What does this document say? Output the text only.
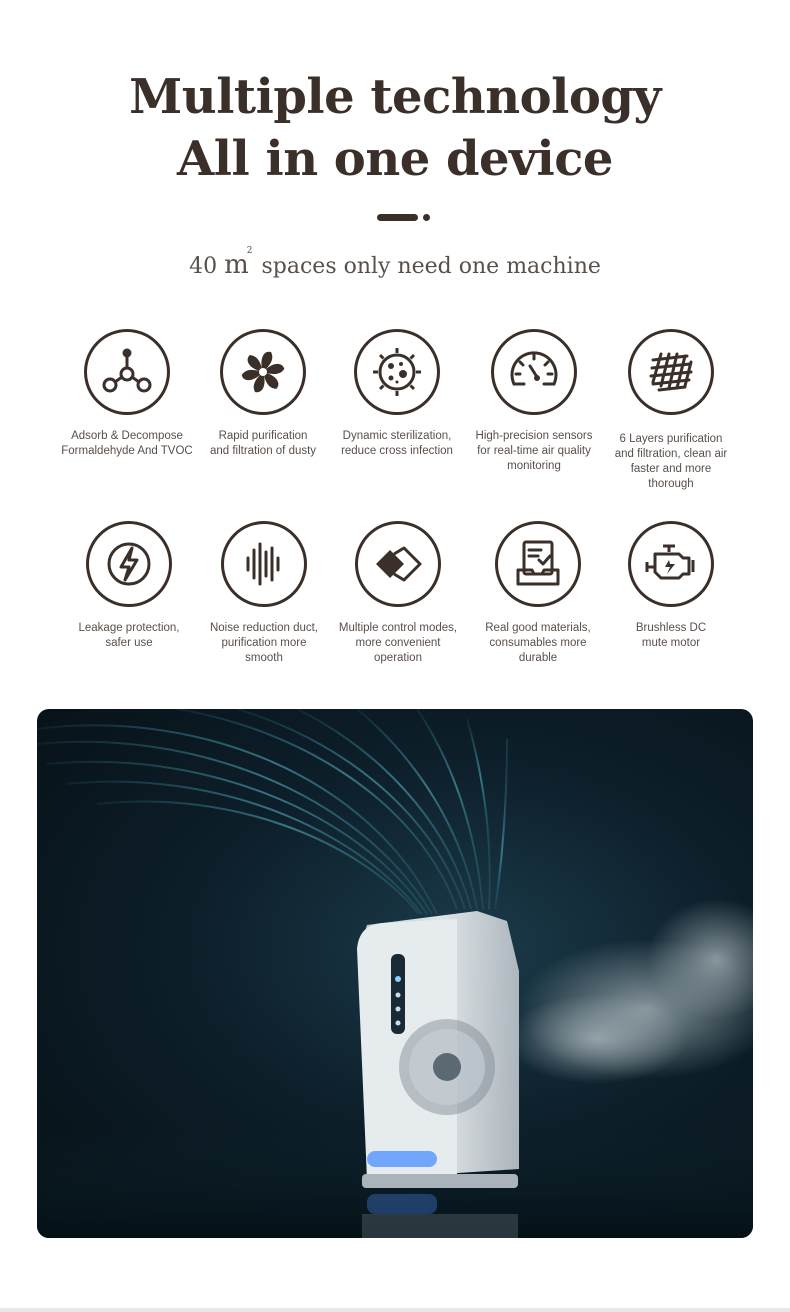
Multiple technology
All in one device
40 $m^2$ spaces only need one machine
Adsorb & Decompose
Formaldehyde And TVOC
Rapid purification
and filtration of dusty
Dynamic sterilization,
reduce cross infection
High-precision sensors
for real-time air quality
monitoring
6 Layers purification
and filtration, clean air
faster and more
thorough
Leakage protection,
safer use
Noise reduction duct,
purification more
smooth
Multiple control modes,
more convenient
operation
Real good materials,
consumables more
durable
Brushless DC
mute motor
